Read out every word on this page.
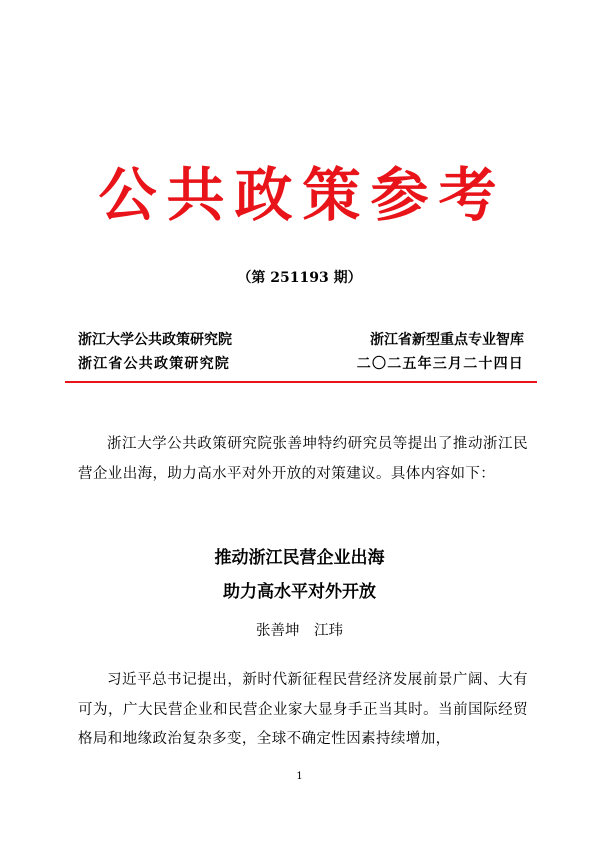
公共政策参考
（第 251193 期）
浙江大学公共政策研究院	浙江省新型重点专业智库
浙江省公共政策研究院	二〇二五年三月二十四日
浙江大学公共政策研究院张善坤特约研究员等提出了推动浙江民营企业出海，助力高水平对外开放的对策建议。具体内容如下：
推动浙江民营企业出海
助力高水平对外开放
张善坤　江玮
习近平总书记提出，新时代新征程民营经济发展前景广阔、大有可为，广大民营企业和民营企业家大显身手正当其时。当前国际经贸格局和地缘政治复杂多变，全球不确定性因素持续增加，
1
